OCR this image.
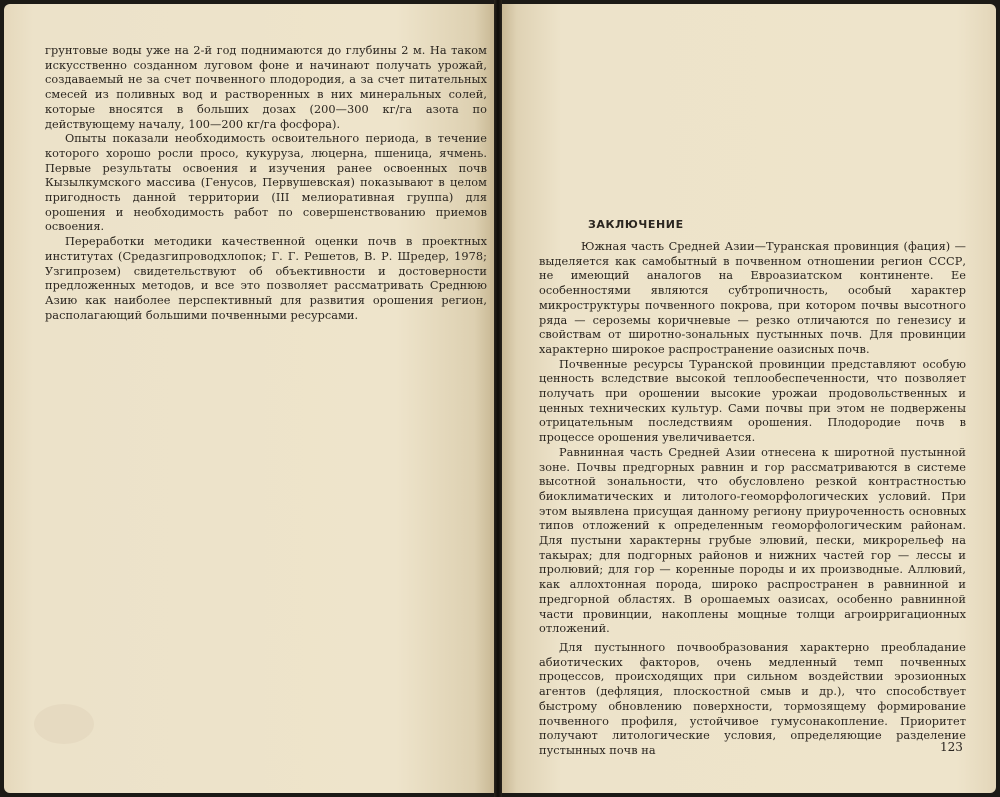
грунтовые воды уже на 2-й год поднимаются до глубины 2 м. На таком искусственно созданном луговом фоне и начинают получать урожай, создаваемый не за счет почвенного плодородия, а за счет питательных смесей из поливных вод и растворенных в них минеральных солей, которые вносятся в больших дозах (200—300 кг/га азота по действующему началу, 100—200 кг/га фосфора).

Опыты показали необходимость освоительного периода, в течение которого хорошо росли просо, кукуруза, люцерна, пшеница, ячмень. Первые результаты освоения и изучения ранее освоенных почв Кызылкумского массива (Генусов, Первушевская) показывают в целом пригодность данной территории (III мелиоративная группа) для орошения и необходимость работ по совершенствованию приемов освоения.

Переработки методики качественной оценки почв в проектных институтах (Средазгипроводхлопок; Г. Г. Решетов, В. Р. Шредер, 1978; Узгипрозем) свидетельствуют об объективности и достоверности предложенных методов, и все это позволяет рассматривать Среднюю Азию как наиболее перспективный для развития орошения регион, располагающий большими почвенными ресурсами.

ЗАКЛЮЧЕНИЕ

Южная часть Средней Азии—Туранская провинция (фация) — выделяется как самобытный в почвенном отношении регион СССР, не имеющий аналогов на Евроазиатском континенте. Ее особенностями являются субтропичность, особый характер микроструктуры почвенного покрова, при котором почвы высотного ряда — сероземы коричневые — резко отличаются по генезису и свойствам от широтно-зональных пустынных почв. Для провинции характерно широкое распространение оазисных почв.

Почвенные ресурсы Туранской провинции представляют особую ценность вследствие высокой теплообеспеченности, что позволяет получать при орошении высокие урожаи продовольственных и ценных технических культур. Сами почвы при этом не подвержены отрицательным последствиям орошения. Плодородие почв в процессе орошения увеличивается.

Равнинная часть Средней Азии отнесена к широтной пустынной зоне. Почвы предгорных равнин и гор рассматриваются в системе высотной зональности, что обусловлено резкой контрастностью биоклиматических и литолого-геоморфологических условий. При этом выявлена присущая данному региону приуроченность основных типов отложений к определенным геоморфологическим районам. Для пустыни характерны грубые элювий, пески, микрорельеф на такырах; для подгорных районов и нижних частей гор — лессы и пролювий; для гор — коренные породы и их производные. Аллювий, как аллохтонная порода, широко распространен в равнинной и предгорной областях. В орошаемых оазисах, особенно равнинной части провинции, накоплены мощные толщи агроирригационных отложений.

Для пустынного почвообразования характерно преобладание абиотических факторов, очень медленный темп почвенных процессов, происходящих при сильном воздействии эрозионных агентов (дефляция, плоскостной смыв и др.), что способствует быстрому обновлению поверхности, тормозящему формирование почвенного профиля, устойчивое гумусонакопление. Приоритет получают литологические условия, определяющие разделение пустынных почв на	123
